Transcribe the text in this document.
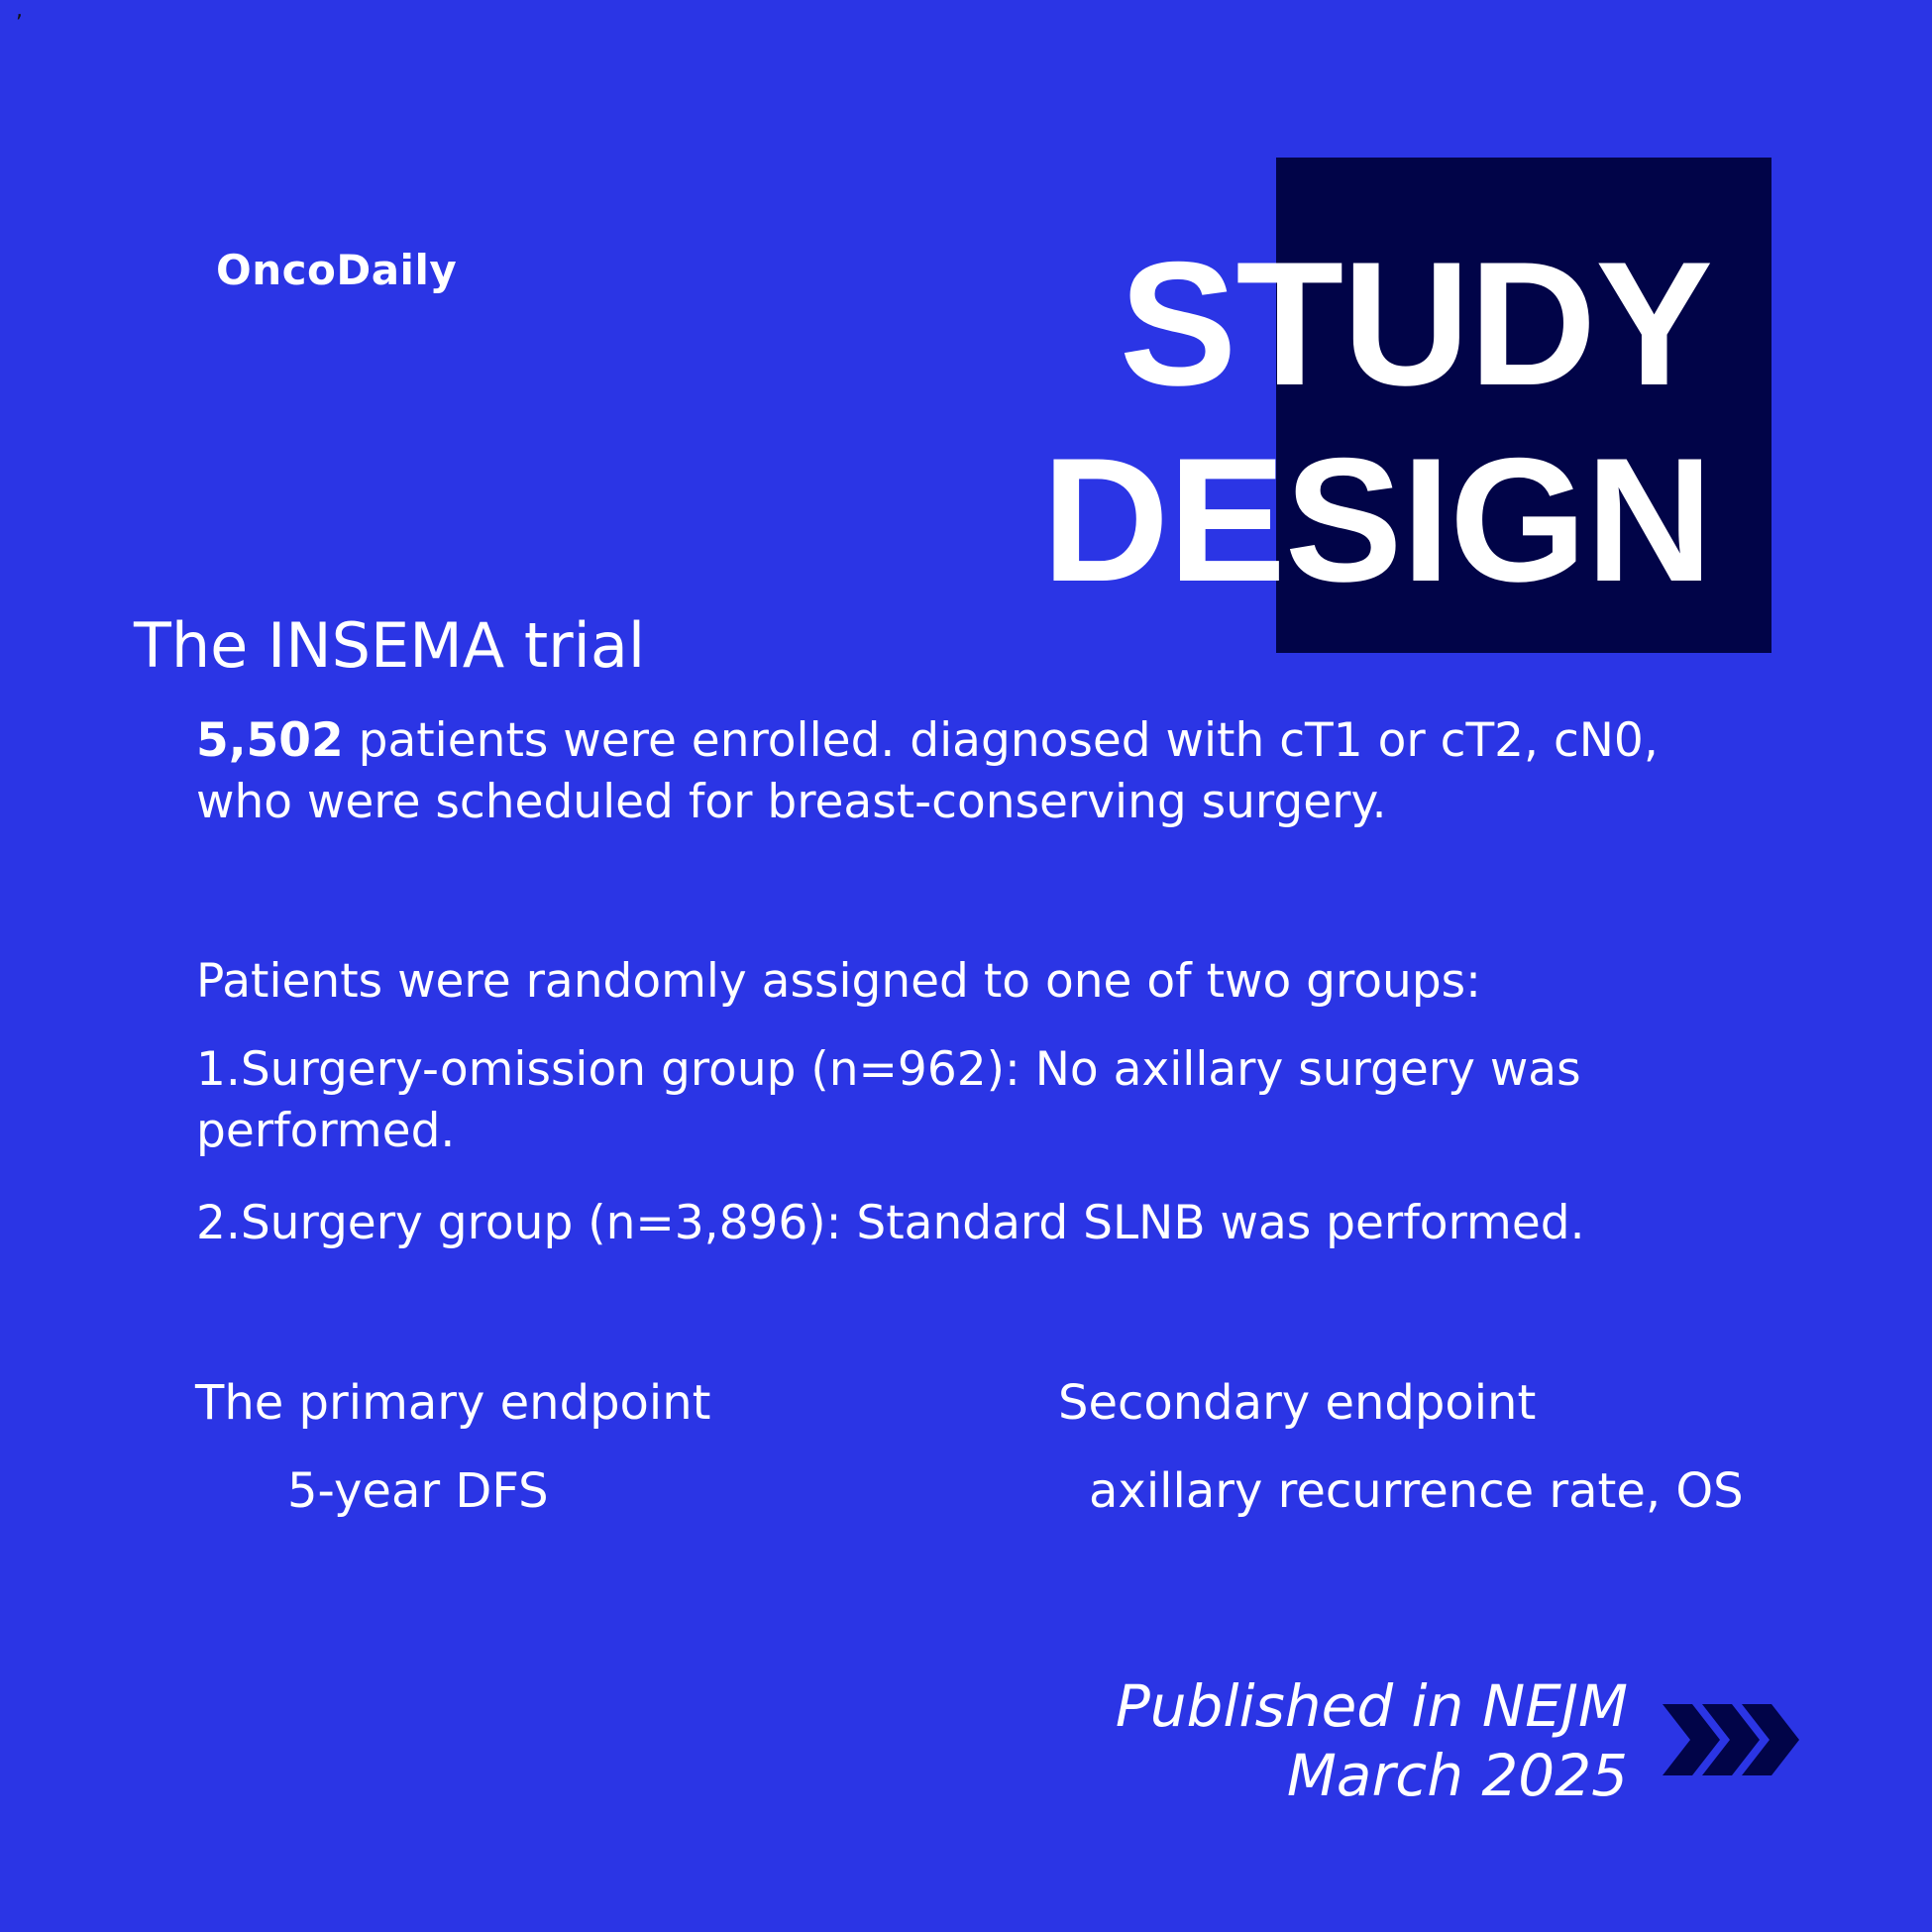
,
OncoDaily	STUDY
DESIGN
The INSEMA trial
5,502 patients were enrolled. diagnosed with cT1 or cT2, cN0, who were scheduled for breast-conserving surgery.
Patients were randomly assigned to one of two groups:
1.Surgery-omission group (n=962): No axillary surgery was performed.
2.Surgery group (n=3,896): Standard SLNB was performed.
The primary endpoint
5-year DFS
Secondary endpoint
axillary recurrence rate, OS
Published in NEJM
March 2025
